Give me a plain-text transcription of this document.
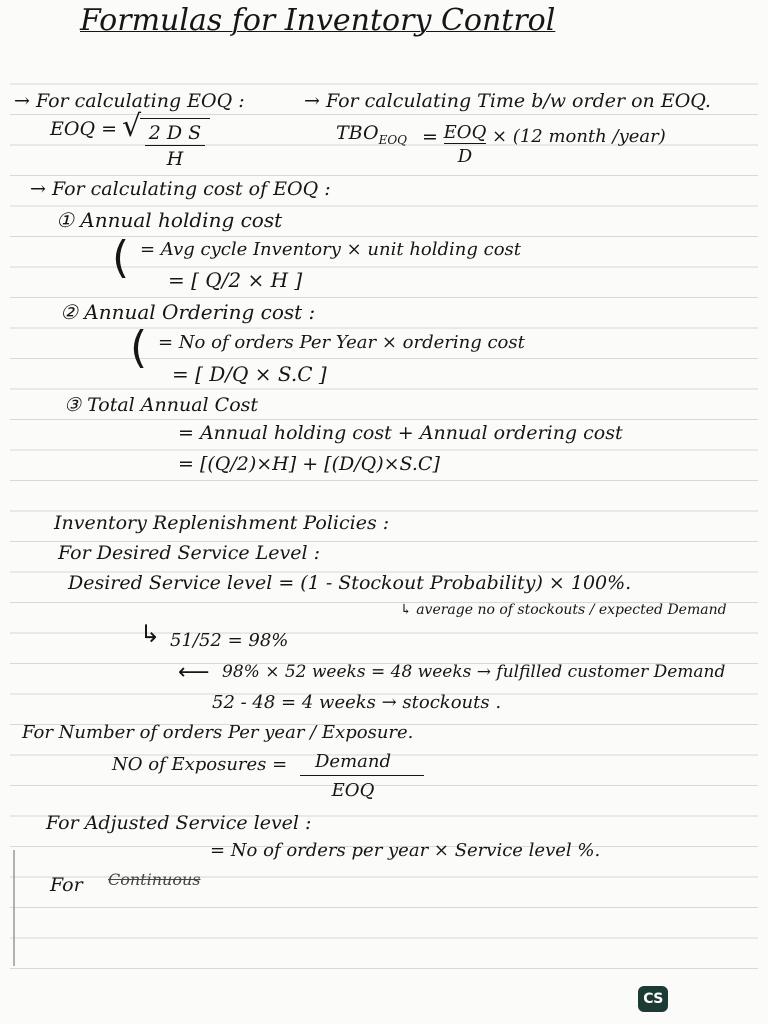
Formulas for Inventory Control
→ For calculating EOQ :
EOQ = √ 2 D S
H
→ For calculating Time b/w order on EOQ.
$TBO_{EOQ}$ = EOQ
D
× (12 month /year)
→ For calculating cost of EOQ :
① Annual holding cost
( = Avg cycle Inventory × unit holding cost
= [ Q/2 × H ]
② Annual Ordering cost :
( = No of orders Per Year × ordering cost
= [ D/Q × S.C ]
③ Total Annual Cost
= Annual holding cost + Annual ordering cost
= [(Q/2)×H] + [(D/Q)×S.C]
Inventory Replenishment Policies :
For Desired Service Level :
Desired Service level = (1 - Stockout Probability) × 100%.
↳ average no of stockouts / expected Demand
↳ 51/52 = 98%
⟵ 98% × 52 weeks = 48 weeks → fulfilled customer Demand
52 - 48 = 4 weeks → stockouts .
For Number of orders Per year / Exposure.
NO of Exposures =	Demand
EOQ
For Adjusted Service level :
= No of orders per year × Service level %.
For Continuous
CS
